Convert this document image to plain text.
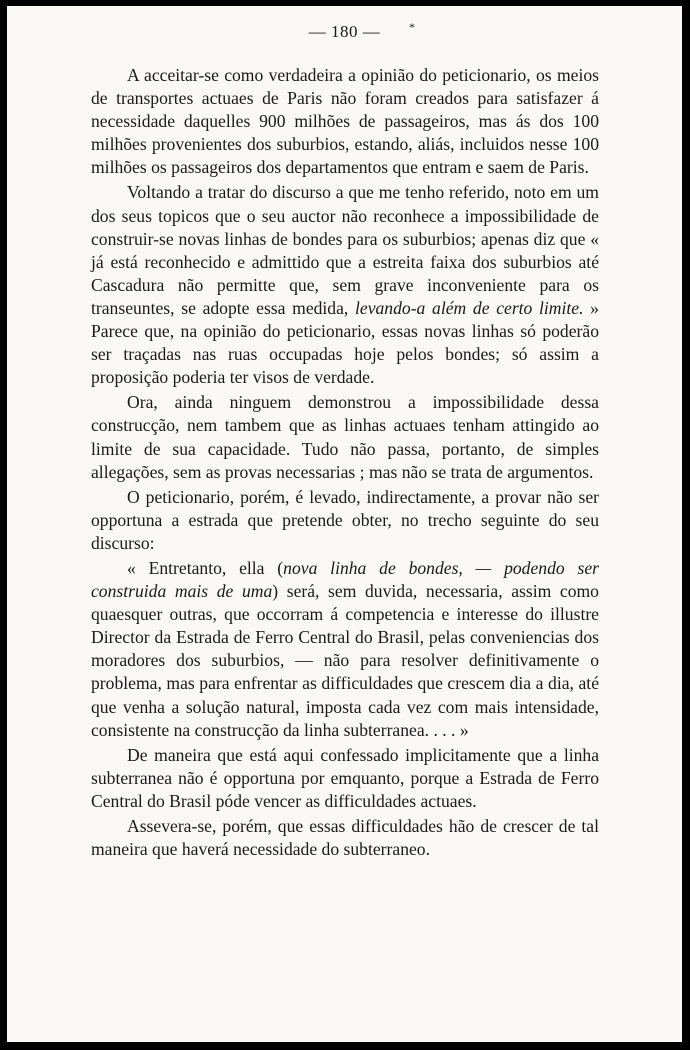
— 180 — *

A acceitar-se como verdadeira a opinião do peticionario, os meios de transportes actuaes de Paris não foram creados para satisfazer á necessidade daquelles 900 milhões de passageiros, mas ás dos 100 milhões provenientes dos suburbios, estando, aliás, incluidos nesse 100 milhões os passageiros dos departamentos que entram e saem de Paris.

Voltando a tratar do discurso a que me tenho referido, noto em um dos seus topicos que o seu auctor não reconhece a impossibilidade de construir-se novas linhas de bondes para os suburbios; apenas diz que « já está reconhecido e admittido que a estreita faixa dos suburbios até Cascadura não permitte que, sem grave inconveniente para os transeuntes, se adopte essa medida, levando-a além de certo limite. » Parece que, na opinião do peticionario, essas novas linhas só poderão ser traçadas nas ruas occupadas hoje pelos bondes; só assim a proposição poderia ter visos de verdade.

Ora, ainda ninguem demonstrou a impossibilidade dessa construcção, nem tambem que as linhas actuaes tenham attingido ao limite de sua capacidade. Tudo não passa, portanto, de simples allegações, sem as provas necessarias ; mas não se trata de argumentos.

O peticionario, porém, é levado, indirectamente, a provar não ser opportuna a estrada que pretende obter, no trecho seguinte do seu discurso:

« Entretanto, ella (nova linha de bondes, — podendo ser construida mais de uma) será, sem duvida, necessaria, assim como quaesquer outras, que occorram á competencia e interesse do illustre Director da Estrada de Ferro Central do Brasil, pelas conveniencias dos moradores dos suburbios, — não para resolver definitivamente o problema, mas para enfrentar as difficuldades que crescem dia a dia, até que venha a solução natural, imposta cada vez com mais intensidade, consistente na construcção da linha subterranea. . . . »

De maneira que está aqui confessado implicitamente que a linha subterranea não é opportuna por emquanto, porque a Estrada de Ferro Central do Brasil póde vencer as difficuldades actuaes.

Assevera-se, porém, que essas difficuldades hão de crescer de tal maneira que haverá necessidade do subterraneo.
